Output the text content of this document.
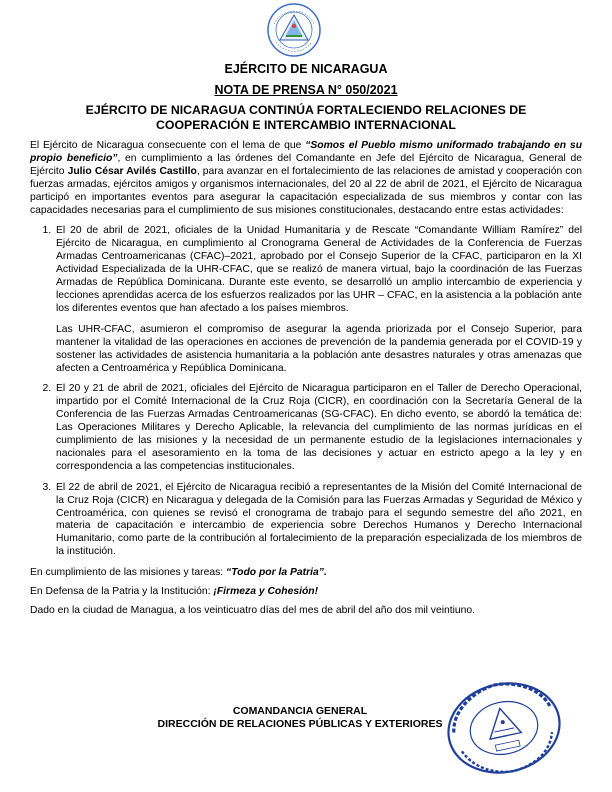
EJÉRCITO DE NICARAGUA
NOTA DE PRENSA N° 050/2021
EJÉRCITO DE NICARAGUA CONTINÚA FORTALECIENDO RELACIONES DE
COOPERACIÓN E INTERCAMBIO INTERNACIONAL

El Ejército de Nicaragua consecuente con el lema de que “Somos el Pueblo mismo uniformado trabajando en su propio beneficio”, en cumplimiento a las órdenes del Comandante en Jefe del Ejército de Nicaragua, General de Ejército Julio César Avilés Castillo, para avanzar en el fortalecimiento de las relaciones de amistad y cooperación con fuerzas armadas, ejércitos amigos y organismos internacionales, del 20 al 22 de abril de 2021, el Ejército de Nicaragua participó en importantes eventos para asegurar la capacitación especializada de sus miembros y contar con las capacidades necesarias para el cumplimiento de sus misiones constitucionales, destacando entre estas actividades:

1. El 20 de abril de 2021, oficiales de la Unidad Humanitaria y de Rescate “Comandante William Ramírez” del Ejército de Nicaragua, en cumplimiento al Cronograma General de Actividades de la Conferencia de Fuerzas Armadas Centroamericanas (CFAC)–2021, aprobado por el Consejo Superior de la CFAC, participaron en la XI Actividad Especializada de la UHR-CFAC, que se realizó de manera virtual, bajo la coordinación de las Fuerzas Armadas de República Dominicana. Durante este evento, se desarrolló un amplio intercambio de experiencia y lecciones aprendidas acerca de los esfuerzos realizados por las UHR – CFAC, en la asistencia a la población ante los diferentes eventos que han afectado a los países miembros.

Las UHR-CFAC, asumieron el compromiso de asegurar la agenda priorizada por el Consejo Superior, para mantener la vitalidad de las operaciones en acciones de prevención de la pandemia generada por el COVID-19 y sostener las actividades de asistencia humanitaria a la población ante desastres naturales y otras amenazas que afecten a Centroamérica y República Dominicana.

2. El 20 y 21 de abril de 2021, oficiales del Ejército de Nicaragua participaron en el Taller de Derecho Operacional, impartido por el Comité Internacional de la Cruz Roja (CICR), en coordinación con la Secretaría General de la Conferencia de las Fuerzas Armadas Centroamericanas (SG-CFAC). En dicho evento, se abordó la temática de: Las Operaciones Militares y Derecho Aplicable, la relevancia del cumplimiento de las normas jurídicas en el cumplimiento de las misiones y la necesidad de un permanente estudio de la legislaciones internacionales y nacionales para el asesoramiento en la toma de las decisiones y actuar en estricto apego a la ley y en correspondencia a las competencias institucionales.

3. El 22 de abril de 2021, el Ejército de Nicaragua recibió a representantes de la Misión del Comité Internacional de la Cruz Roja (CICR) en Nicaragua y delegada de la Comisión para las Fuerzas Armadas y Seguridad de México y Centroamérica, con quienes se revisó el cronograma de trabajo para el segundo semestre del año 2021, en materia de capacitación e intercambio de experiencia sobre Derechos Humanos y Derecho Internacional Humanitario, como parte de la contribución al fortalecimiento de la preparación especializada de los miembros de la institución.

En cumplimiento de las misiones y tareas: “Todo por la Patria”.

En Defensa de la Patria y la Institución: ¡Firmeza y Cohesión!

Dado en la ciudad de Managua, a los veinticuatro días del mes de abril del año dos mil veintiuno.

COMANDANCIA GENERAL
DIRECCIÓN DE RELACIONES PÚBLICAS Y EXTERIORES
